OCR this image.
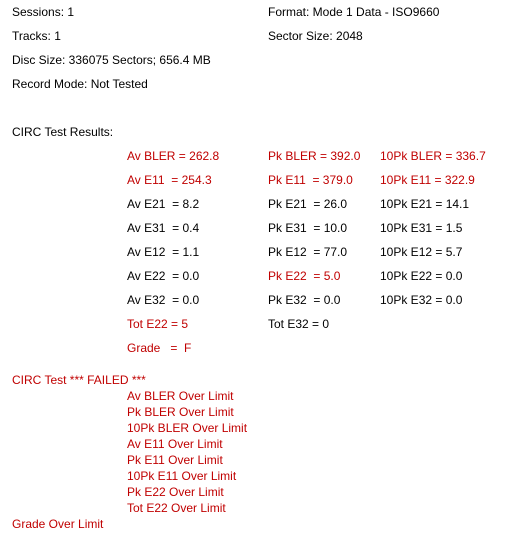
Sessions: 1	Format: Mode 1 Data - ISO9660
Tracks: 1	Sector Size: 2048
Disc Size: 336075 Sectors; 656.4 MB
Record Mode: Not Tested
CIRC Test Results:
Av BLER = 262.8	Pk BLER = 392.0 10Pk BLER = 336.7
Av E11  = 254.3	Pk E11  = 379.0 10Pk E11 = 322.9
Av E21  = 8.2	Pk E21  = 26.0	10Pk E21 = 14.1
Av E31  = 0.4	Pk E31  = 10.0	10Pk E31 = 1.5
Av E12  = 1.1	Pk E12  = 77.0	10Pk E12 = 5.7
Av E22  = 0.0	Pk E22  = 5.0	10Pk E22 = 0.0
Av E32  = 0.0	Pk E32  = 0.0	10Pk E32 = 0.0
Tot E22 = 5	Tot E32 = 0
Grade   =  F
CIRC Test *** FAILED ***
Av BLER Over Limit
Pk BLER Over Limit
10Pk BLER Over Limit
Av E11 Over Limit
Pk E11 Over Limit
10Pk E11 Over Limit
Pk E22 Over Limit
Tot E22 Over Limit
Grade Over Limit
